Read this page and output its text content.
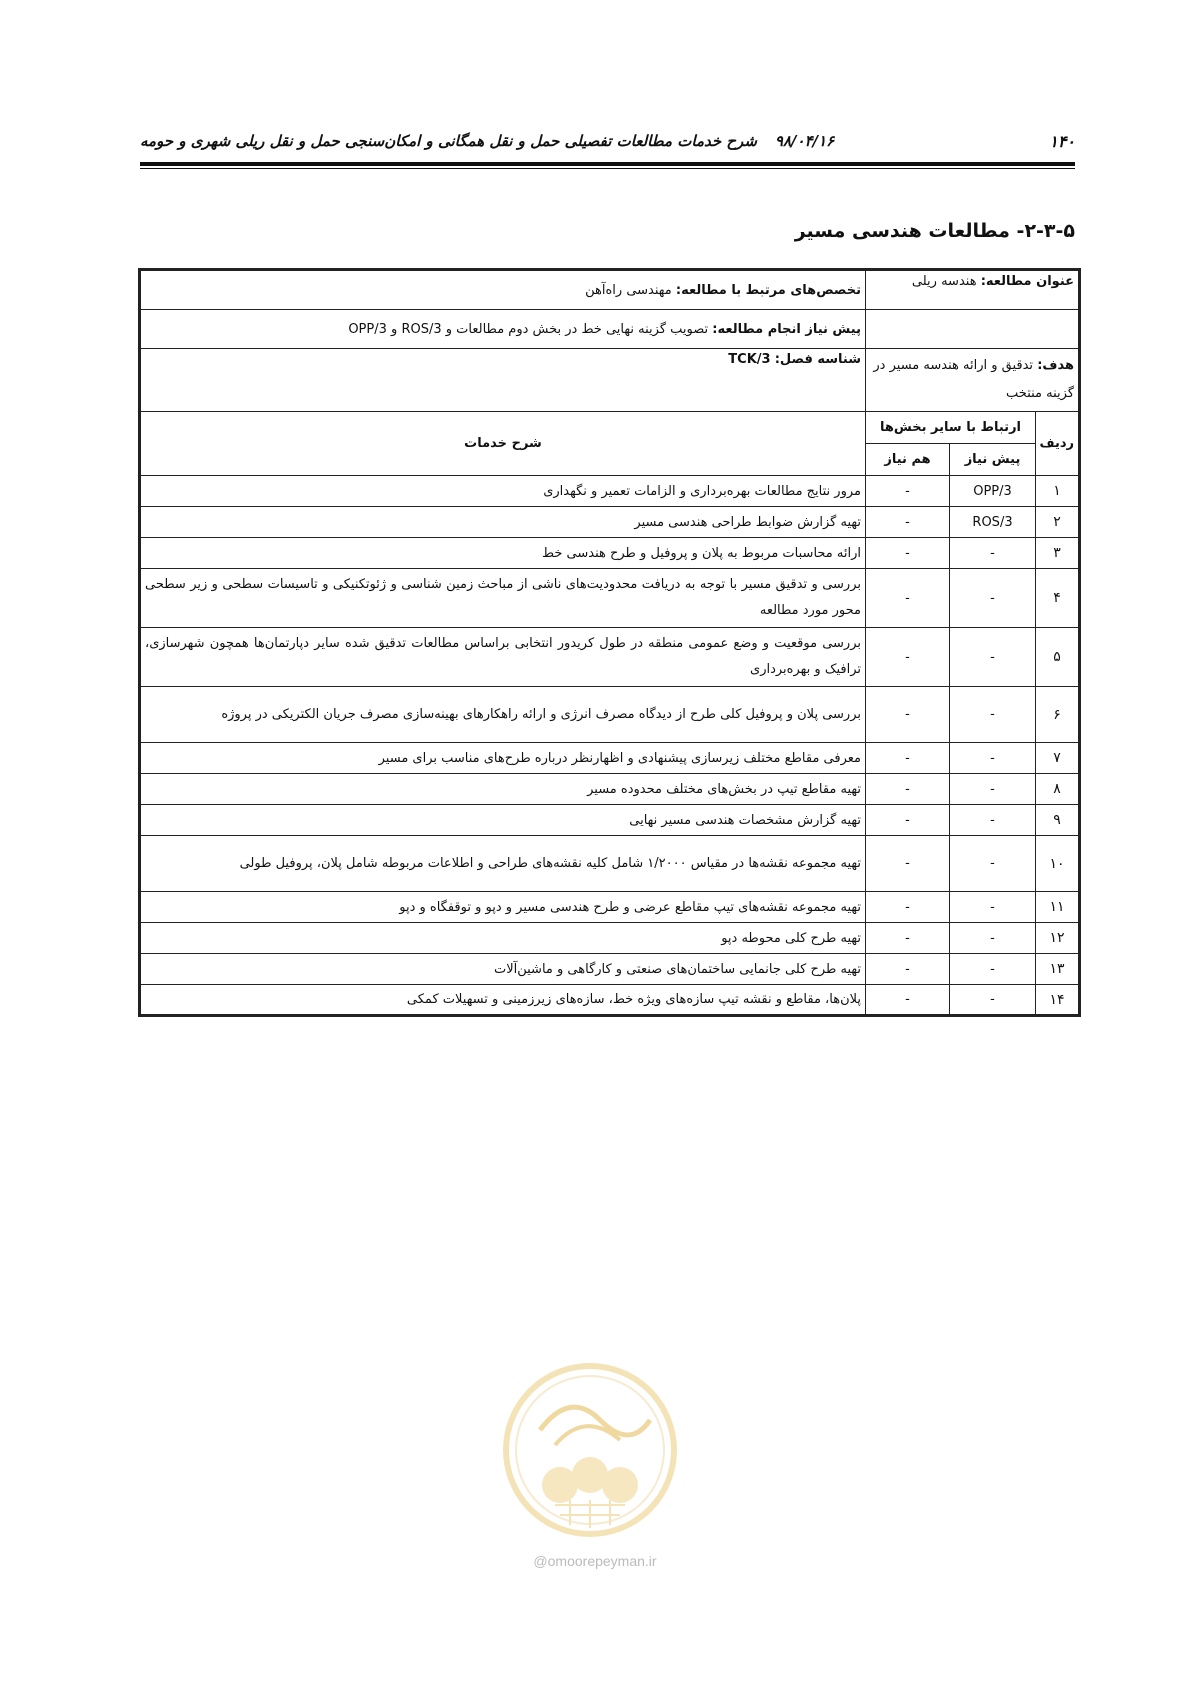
۱۴۰
۹۸/۰۴/۱۶شرح خدمات مطالعات تفصیلی حمل و نقل همگانی و امکان‌سنجی حمل و نقل ریلی شهری و حومه
۲-۳-۵- مطالعات هندسی مسیر
عنوان مطالعه: هندسه ریلی			تخصص‌های مرتبط با مطالعه: مهندسی راه‌آهن
			پیش نیاز انجام مطالعه: تصویب گزینه نهایی خط در بخش دوم مطالعات و ROS/3 و OPP/3
هدف: تدقیق و ارائه هندسه مسیر در گزینه منتخب			شناسه فصل: TCK/3
ردیف	ارتباط با سایر بخش‌ها		شرح خدمات
	پیش نیاز	هم نیاز	
۱	OPP/3	-	مرور نتایج مطالعات بهره‌برداری و الزامات تعمیر و نگهداری
۲	ROS/3	-	تهیه گزارش ضوابط طراحی هندسی مسیر
۳	-	-	ارائه محاسبات مربوط به پلان و پروفیل و طرح هندسی خط
۴	-	-	بررسی و تدقیق مسیر با توجه به دریافت محدودیت‌های ناشی از مباحث زمین شناسی و ژئوتکنیکی و تاسیسات سطحی و زیر سطحی محور مورد مطالعه
۵	-	-	بررسی موقعیت و وضع عمومی منطقه در طول کریدور انتخابی براساس مطالعات تدقیق شده سایر دپارتمان‌ها همچون شهرسازی، ترافیک و بهره‌برداری
۶	-	-	بررسی پلان و پروفیل کلی طرح از دیدگاه مصرف انرژی و ارائه راهکارهای بهینه‌سازی مصرف جریان الکتریکی در پروژه
۷	-	-	معرفی مقاطع مختلف زیرسازی پیشنهادی و اظهارنظر درباره طرح‌های مناسب برای مسیر
۸	-	-	تهیه مقاطع تیپ در بخش‌های مختلف محدوده مسیر
۹	-	-	تهیه گزارش مشخصات هندسی مسیر نهایی
۱۰	-	-	تهیه مجموعه نقشه‌ها در مقیاس ۱/۲۰۰۰ شامل کلیه نقشه‌های طراحی و اطلاعات مربوطه شامل پلان، پروفیل طولی
۱۱	-	-	تهیه مجموعه نقشه‌های تیپ مقاطع عرضی و طرح هندسی مسیر و دپو و توقفگاه و دپو
۱۲	-	-	تهیه طرح کلی محوطه دپو
۱۳	-	-	تهیه طرح کلی جانمایی ساختمان‌های صنعتی و کارگاهی و ماشین‌آلات
۱۴	-	-	پلان‌ها، مقاطع و نقشه تیپ سازه‌های ویژه خط، سازه‌های زیرزمینی و تسهیلات کمکی
@omoorepeyman.ir
